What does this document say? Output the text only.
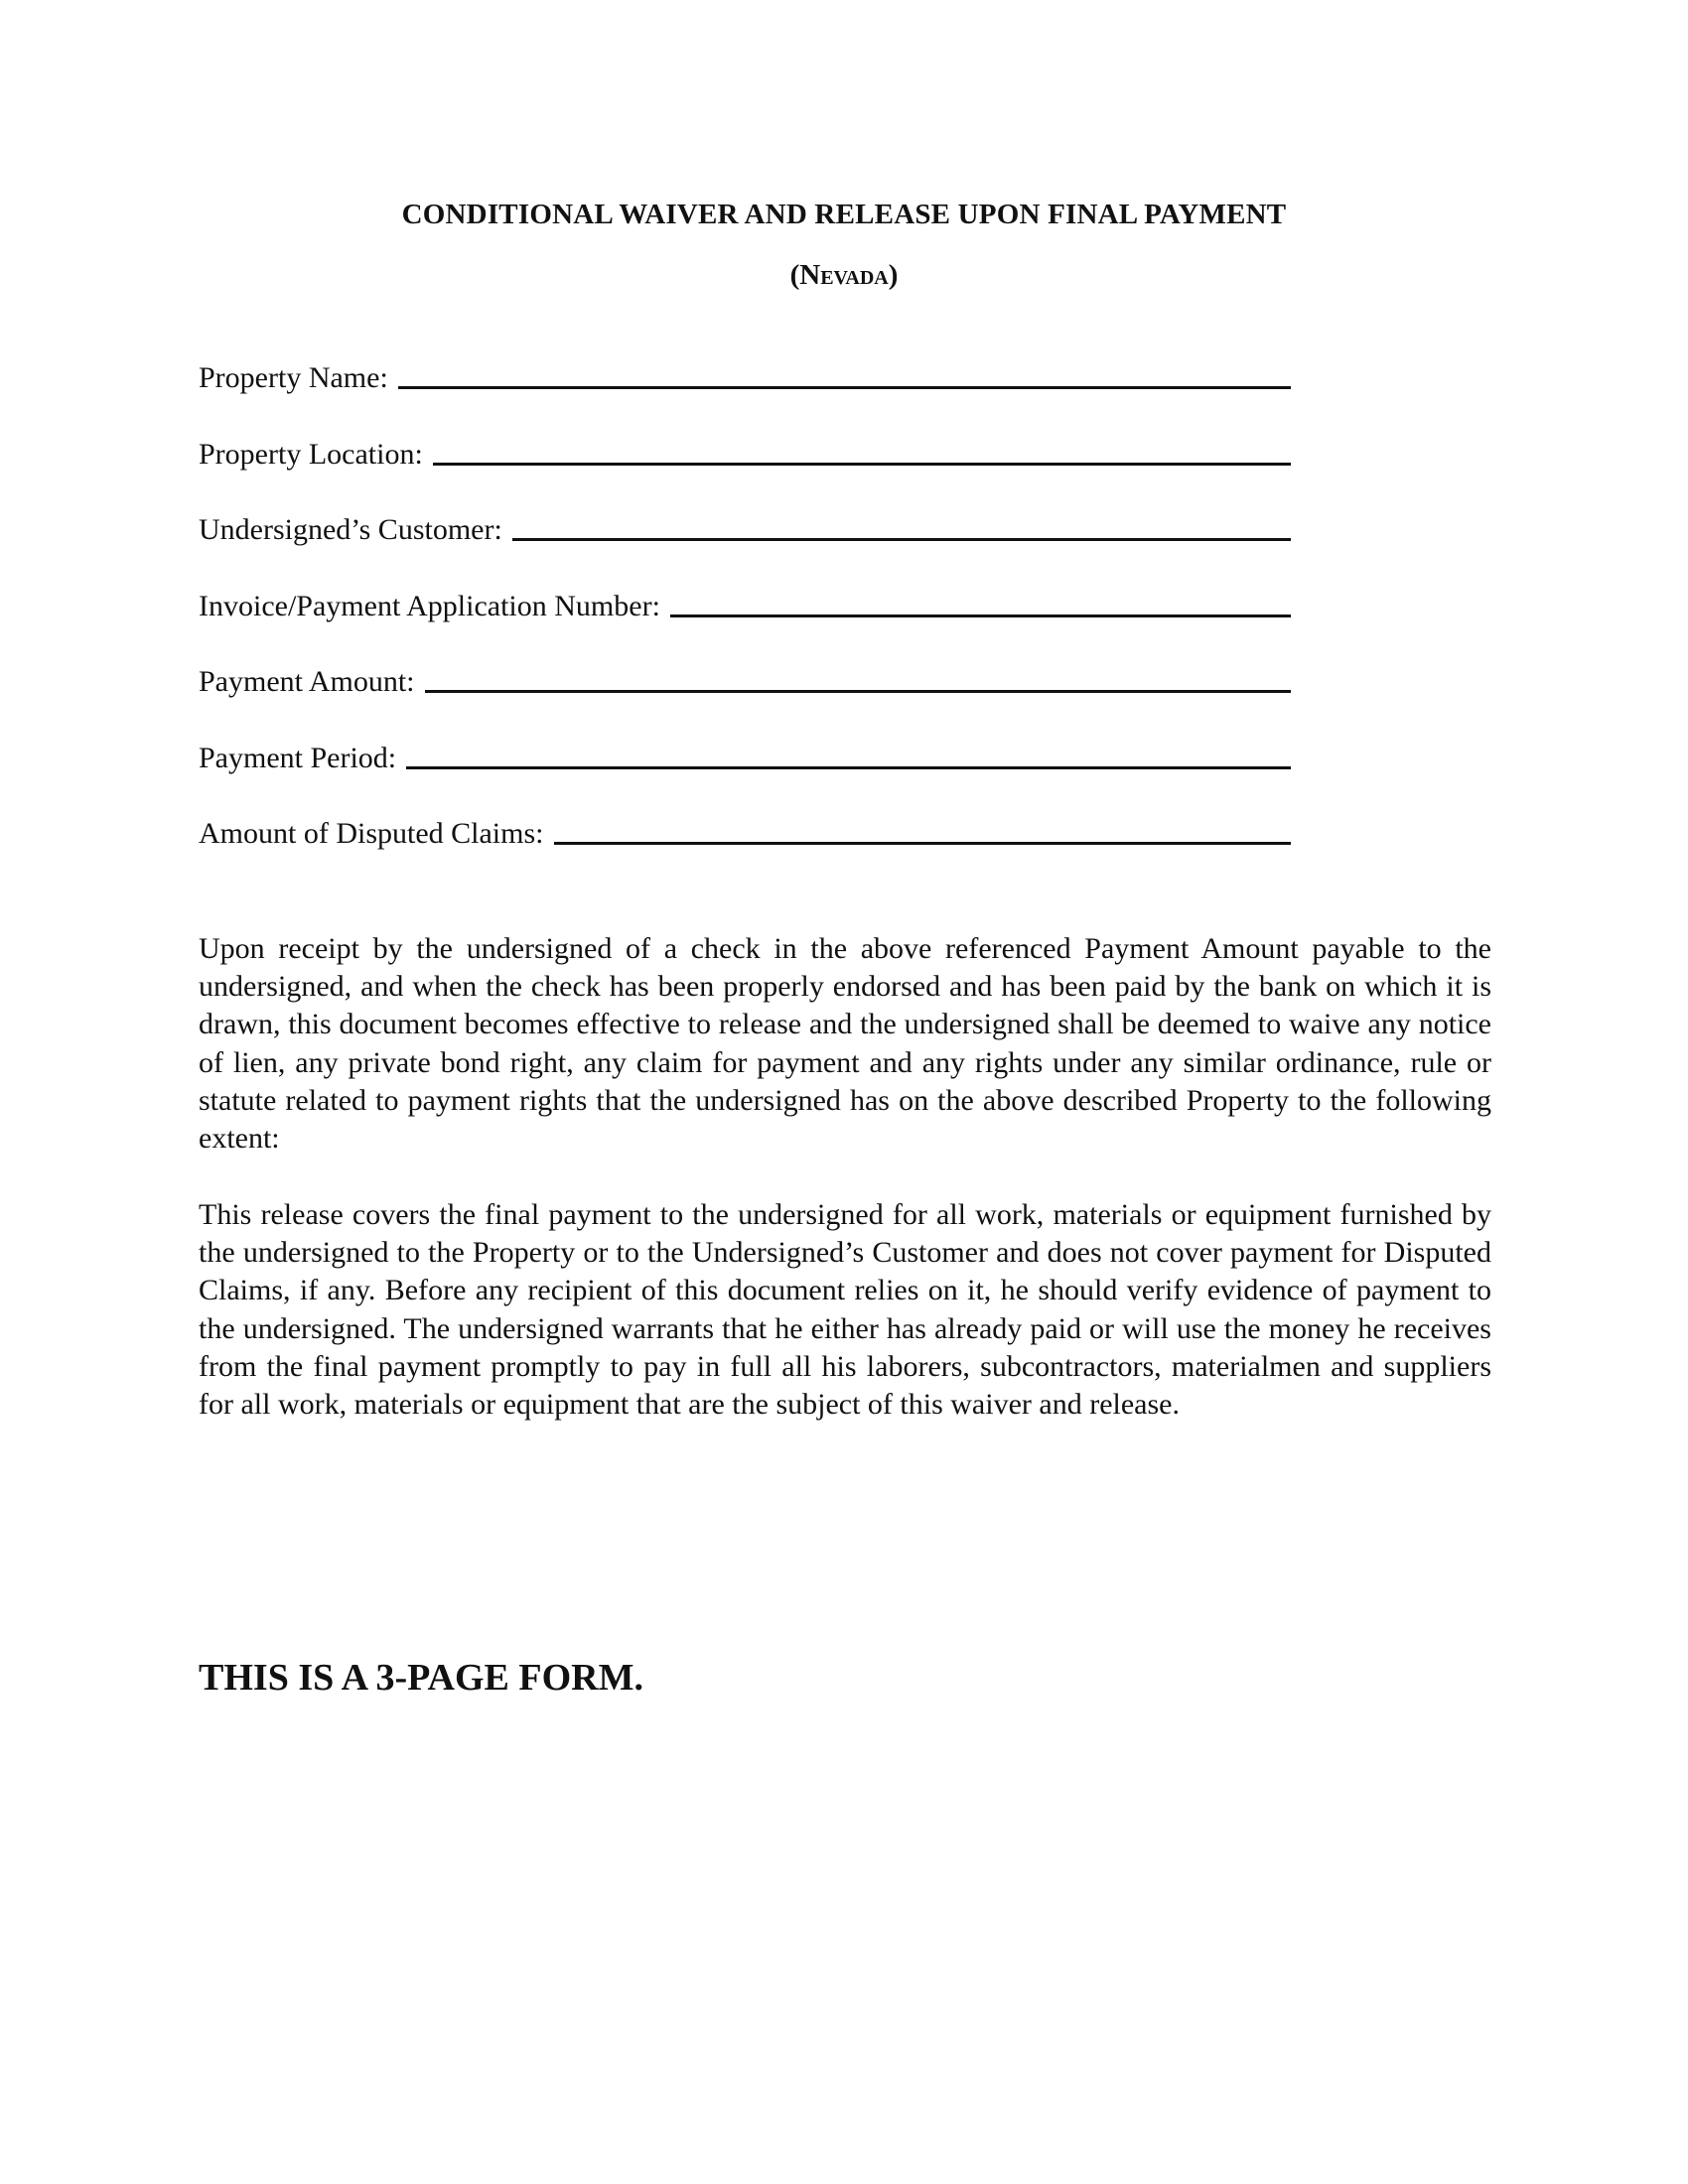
CONDITIONAL WAIVER AND RELEASE UPON FINAL PAYMENT
(Nevada)
Property Name:
Property Location:
Undersigned’s Customer:
Invoice/Payment Application Number:
Payment Amount:
Payment Period:
Amount of Disputed Claims:

Upon receipt by the undersigned of a check in the above referenced Payment Amount payable to the undersigned, and when the check has been properly endorsed and has been paid by the bank on which it is drawn, this document becomes effective to release and the undersigned shall be deemed to waive any notice of lien, any private bond right, any claim for payment and any rights under any similar ordinance, rule or statute related to payment rights that the undersigned has on the above described Property to the following extent:

This release covers the final payment to the undersigned for all work, materials or equipment furnished by the undersigned to the Property or to the Undersigned’s Customer and does not cover payment for Disputed Claims, if any. Before any recipient of this document relies on it, he should verify evidence of payment to the undersigned. The undersigned warrants that he either has already paid or will use the money he receives from the final payment promptly to pay in full all his laborers, subcontractors, materialmen and suppliers for all work, materials or equipment that are the subject of this waiver and release.

THIS IS A 3-PAGE FORM.
